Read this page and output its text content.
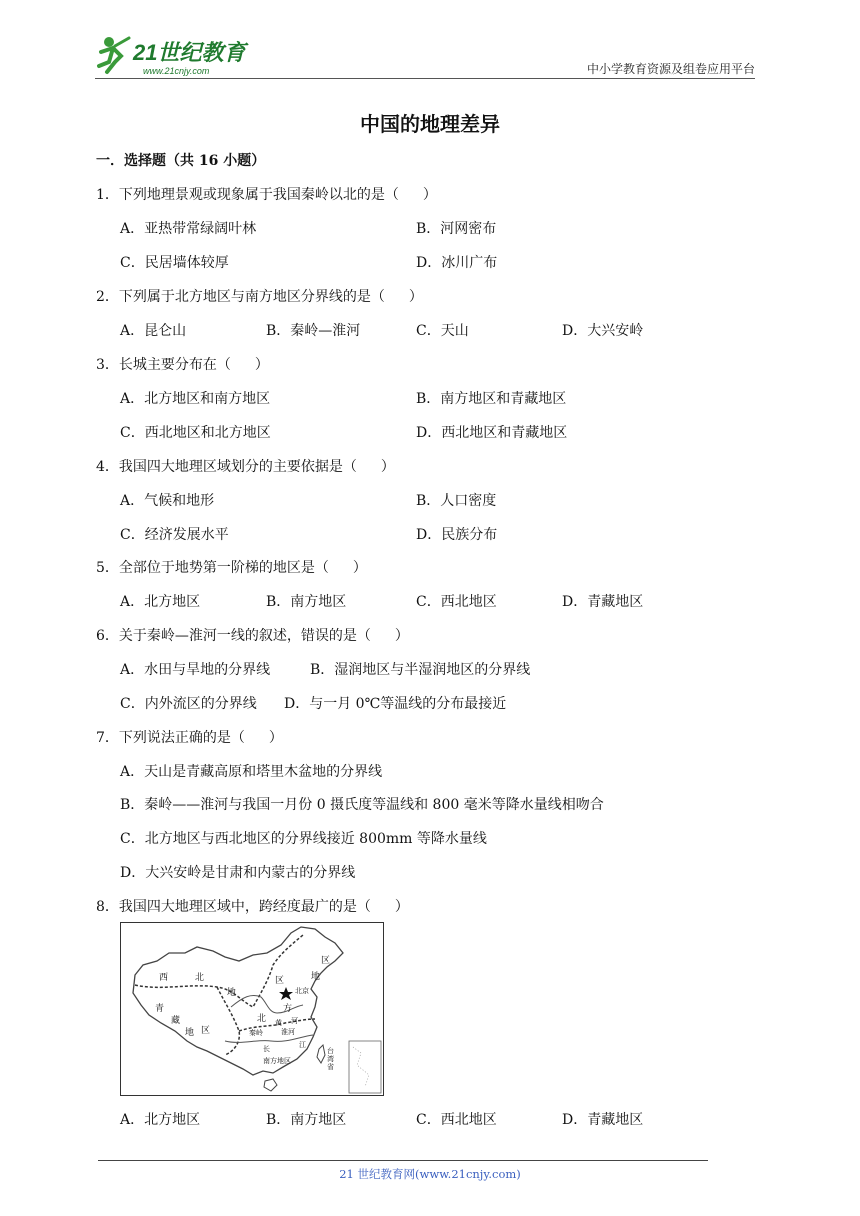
21世纪教育
www.21cnjy.com	中小学教育资源及组卷应用平台
中国的地理差异
一．选择题（共 16 小题）
1．下列地理景观或现象属于我国秦岭以北的是（ ）
A．亚热带常绿阔叶林	B．河网密布
C．民居墙体较厚	D．冰川广布
2．下列属于北方地区与南方地区分界线的是（ ）
A．昆仑山	B．秦岭—淮河	C．天山	D．大兴安岭
3．长城主要分布在（ ）
A．北方地区和南方地区	B．南方地区和青藏地区
C．西北地区和北方地区	D．西北地区和青藏地区
4．我国四大地理区域划分的主要依据是（ ）
A．气候和地形	B．人口密度
C．经济发展水平	D．民族分布
5．全部位于地势第一阶梯的地区是（ ）
A．北方地区	B．南方地区	C．西北地区	D．青藏地区
6．关于秦岭—淮河一线的叙述，错误的是（ ）
A．水田与旱地的分界线	B．湿润地区与半湿润地区的分界线
C．内外流区的分界线 D．与一月 0℃等温线的分布最接近
7．下列说法正确的是（ ）
A．天山是青藏高原和塔里木盆地的分界线
B．秦岭——淮河与我国一月份 0 摄氏度等温线和 800 毫米等降水量线相吻合
C．北方地区与西北地区的分界线接近 800mm 等降水量线
D．大兴安岭是甘肃和内蒙古的分界线
8．我国四大地理区域中，跨经度最广的是（ ）
西	北
地
区
北
方
地
区
青
藏
地 区
北京
黄 河
淮河
秦岭
长	江
南方地区
台
湾
省
A．北方地区	B．南方地区	C．西北地区	D．青藏地区
21 世纪教育网(www.21cnjy.com)
